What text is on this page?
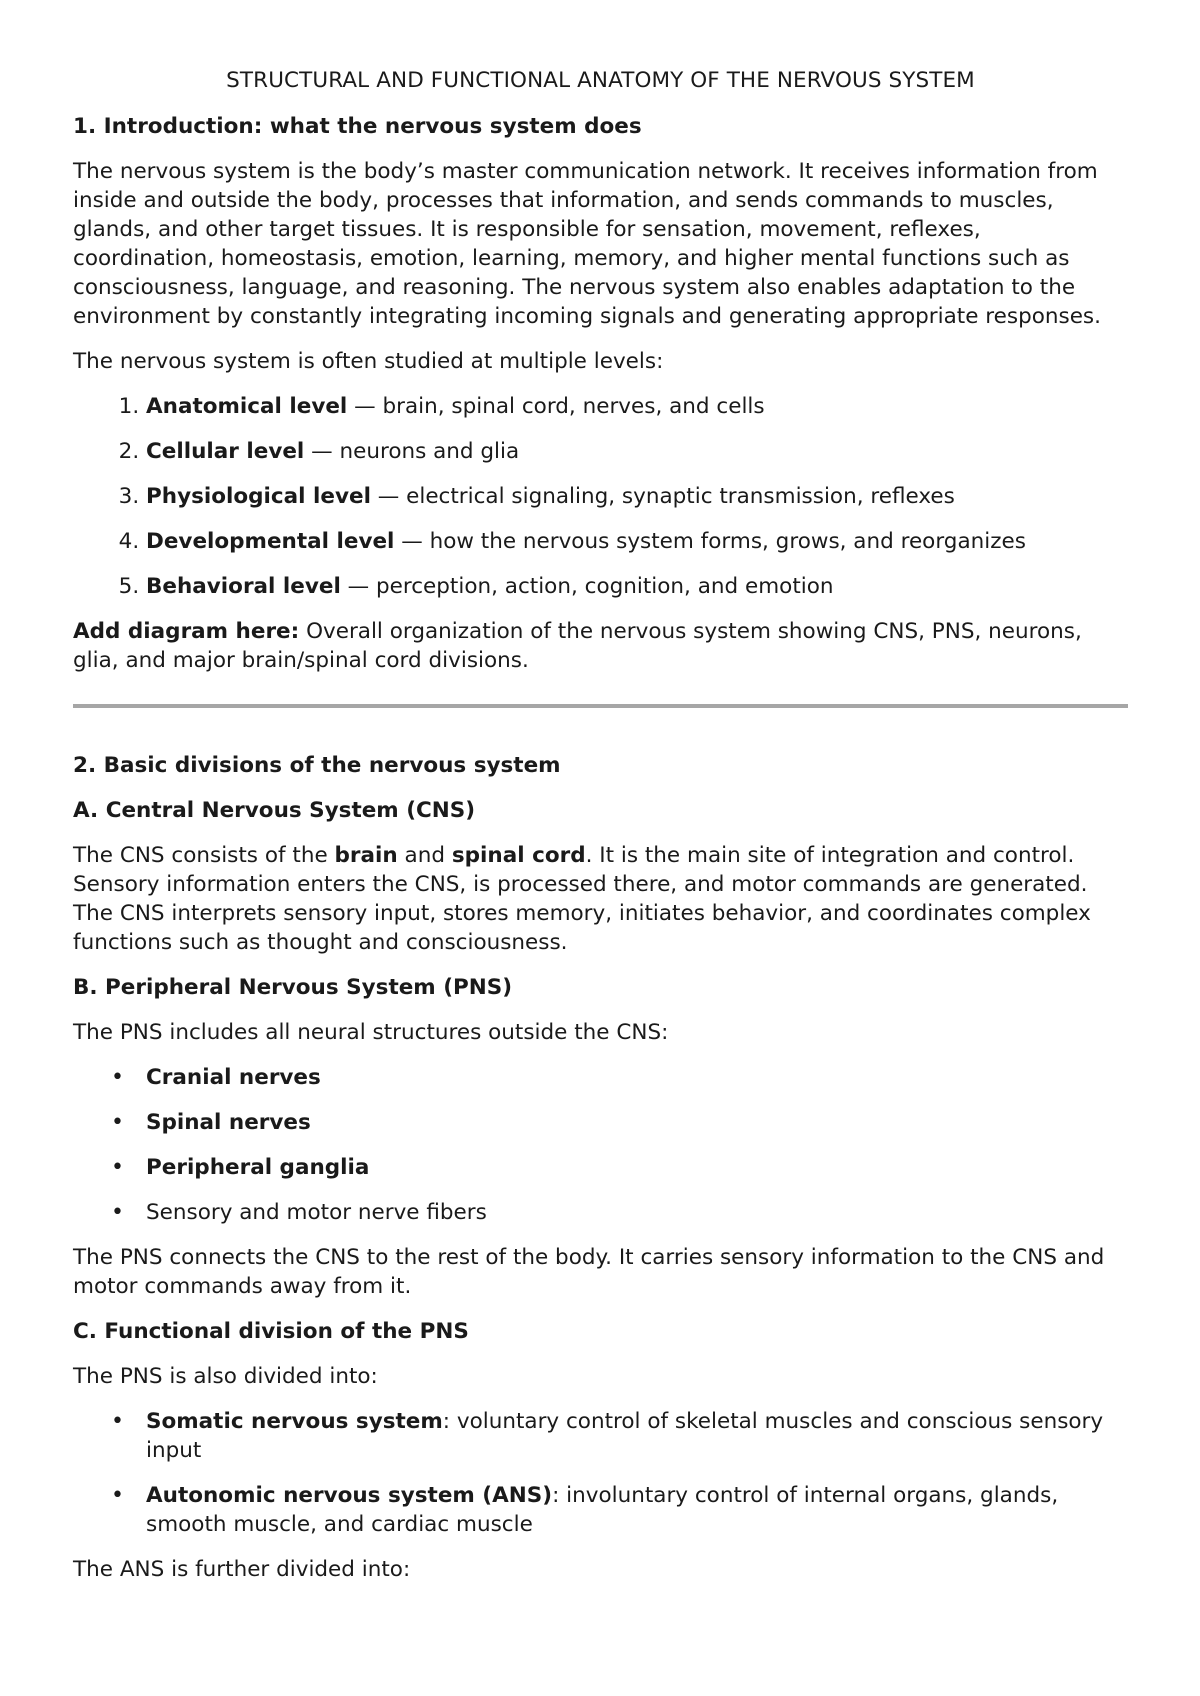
STRUCTURAL AND FUNCTIONAL ANATOMY OF THE NERVOUS SYSTEM
1. Introduction: what the nervous system does

The nervous system is the body’s master communication network. It receives information from inside and outside the body, processes that information, and sends commands to muscles, glands, and other target tissues. It is responsible for sensation, movement, reflexes, coordination, homeostasis, emotion, learning, memory, and higher mental functions such as consciousness, language, and reasoning. The nervous system also enables adaptation to the environment by constantly integrating incoming signals and generating appropriate responses.

The nervous system is often studied at multiple levels:

1. Anatomical level — brain, spinal cord, nerves, and cells
2. Cellular level — neurons and glia
3. Physiological level — electrical signaling, synaptic transmission, reflexes
4. Developmental level — how the nervous system forms, grows, and reorganizes
5. Behavioral level — perception, action, cognition, and emotion

Add diagram here: Overall organization of the nervous system showing CNS, PNS, neurons, glia, and major brain/spinal cord divisions.

2. Basic divisions of the nervous system
A. Central Nervous System (CNS)

The CNS consists of the brain and spinal cord. It is the main site of integration and control. Sensory information enters the CNS, is processed there, and motor commands are generated. The CNS interprets sensory input, stores memory, initiates behavior, and coordinates complex functions such as thought and consciousness.

B. Peripheral Nervous System (PNS)

The PNS includes all neural structures outside the CNS:

• Cranial nerves
• Spinal nerves
• Peripheral ganglia
• Sensory and motor nerve fibers

The PNS connects the CNS to the rest of the body. It carries sensory information to the CNS and motor commands away from it.

C. Functional division of the PNS

The PNS is also divided into:

• Somatic nervous system: voluntary control of skeletal muscles and conscious sensory input
• Autonomic nervous system (ANS): involuntary control of internal organs, glands, smooth muscle, and cardiac muscle

The ANS is further divided into:
